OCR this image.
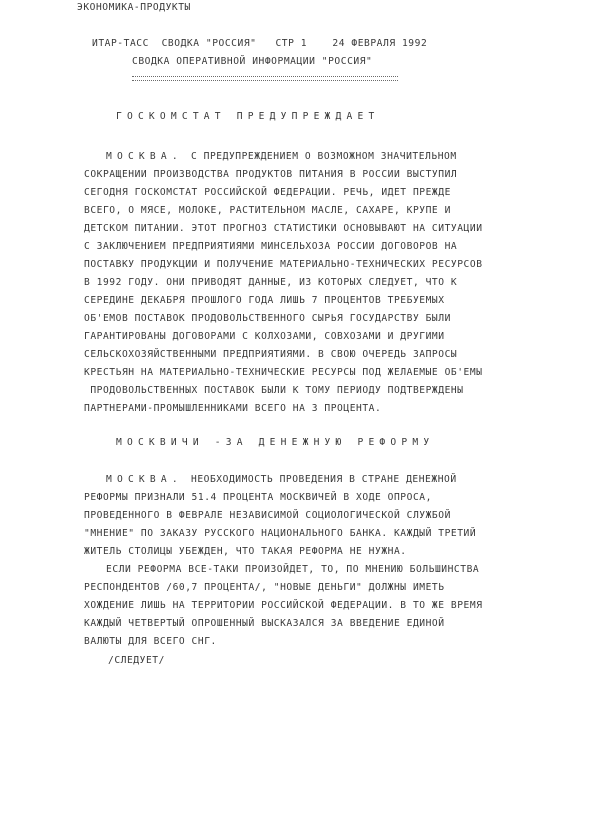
ЭКОНОМИКА-ПРОДУКТЫ
ИТАР-ТАСС  СВОДКА "РОССИЯ"   СТР 1    24 ФЕВРАЛЯ 1992
СВОДКА ОПЕРАТИВНОЙ ИНФОРМАЦИИ "РОССИЯ"
ГОСКОМСТАТ ПРЕДУПРЕЖДАЕТ
МОСКВА. С ПРЕДУПРЕЖДЕНИЕМ О ВОЗМОЖНОМ ЗНАЧИТЕЛЬНОМ
СОКРАЩЕНИИ ПРОИЗВОДСТВА ПРОДУКТОВ ПИТАНИЯ В РОССИИ ВЫСТУПИЛ
СЕГОДНЯ ГОСКОМСТАТ РОССИЙСКОЙ ФЕДЕРАЦИИ. РЕЧЬ, ИДЕТ ПРЕЖДЕ
ВСЕГО, О МЯСЕ, МОЛОКЕ, РАСТИТЕЛЬНОМ МАСЛЕ, САХАРЕ, КРУПЕ И
ДЕТСКОМ ПИТАНИИ. ЭТОТ ПРОГНОЗ СТАТИСТИКИ ОСНОВЫВАЮТ НА СИТУАЦИИ
С ЗАКЛЮЧЕНИЕМ ПРЕДПРИЯТИЯМИ МИНСЕЛЬХОЗА РОССИИ ДОГОВОРОВ НА
ПОСТАВКУ ПРОДУКЦИИ И ПОЛУЧЕНИЕ МАТЕРИАЛЬНО-ТЕХНИЧЕСКИХ РЕСУРСОВ
В 1992 ГОДУ. ОНИ ПРИВОДЯТ ДАННЫЕ, ИЗ КОТОРЫХ СЛЕДУЕТ, ЧТО К
СЕРЕДИНЕ ДЕКАБРЯ ПРОШЛОГО ГОДА ЛИШЬ 7 ПРОЦЕНТОВ ТРЕБУЕМЫХ
ОБ'ЕМОВ ПОСТАВОК ПРОДОВОЛЬСТВЕННОГО СЫРЬЯ ГОСУДАРСТВУ БЫЛИ
ГАРАНТИРОВАНЫ ДОГОВОРАМИ С КОЛХОЗАМИ, СОВХОЗАМИ И ДРУГИМИ
СЕЛЬСКОХОЗЯЙСТВЕННЫМИ ПРЕДПРИЯТИЯМИ. В СВОЮ ОЧЕРЕДЬ ЗАПРОСЫ
КРЕСТЬЯН НА МАТЕРИАЛЬНО-ТЕХНИЧЕСКИЕ РЕСУРСЫ ПОД ЖЕЛАЕМЫЕ ОБ'ЕМЫ
ПРОДОВОЛЬСТВЕННЫХ ПОСТАВОК БЫЛИ К ТОМУ ПЕРИОДУ ПОДТВЕРЖДЕНЫ
ПАРТНЕРАМИ-ПРОМЫШЛЕННИКАМИ ВСЕГО НА 3 ПРОЦЕНТА.
МОСКВИЧИ -ЗА ДЕНЕЖНУЮ РЕФОРМУ
МОСКВА. НЕОБХОДИМОСТЬ ПРОВЕДЕНИЯ В СТРАНЕ ДЕНЕЖНОЙ
РЕФОРМЫ ПРИЗНАЛИ 51.4 ПРОЦЕНТА МОСКВИЧЕЙ В ХОДЕ ОПРОСА,
ПРОВЕДЕННОГО В ФЕВРАЛЕ НЕЗАВИСИМОЙ СОЦИОЛОГИЧЕСКОЙ СЛУЖБОЙ
"МНЕНИЕ" ПО ЗАКАЗУ РУССКОГО НАЦИОНАЛЬНОГО БАНКА. КАЖДЫЙ ТРЕТИЙ
ЖИТЕЛЬ СТОЛИЦЫ УБЕЖДЕН, ЧТО ТАКАЯ РЕФОРМА НЕ НУЖНА.
ЕСЛИ РЕФОРМА ВСЕ-ТАКИ ПРОИЗОЙДЕТ, ТО, ПО МНЕНИЮ БОЛЬШИНСТВА
РЕСПОНДЕНТОВ /60,7 ПРОЦЕНТА/, "НОВЫЕ ДЕНЬГИ" ДОЛЖНЫ ИМЕТЬ
ХОЖДЕНИЕ ЛИШЬ НА ТЕРРИТОРИИ РОССИЙСКОЙ ФЕДЕРАЦИИ. В ТО ЖЕ ВРЕМЯ
КАЖДЫЙ ЧЕТВЕРТЫЙ ОПРОШЕННЫЙ ВЫСКАЗАЛСЯ ЗА ВВЕДЕНИЕ ЕДИНОЙ
ВАЛЮТЫ ДЛЯ ВСЕГО СНГ.
/СЛЕДУЕТ/
